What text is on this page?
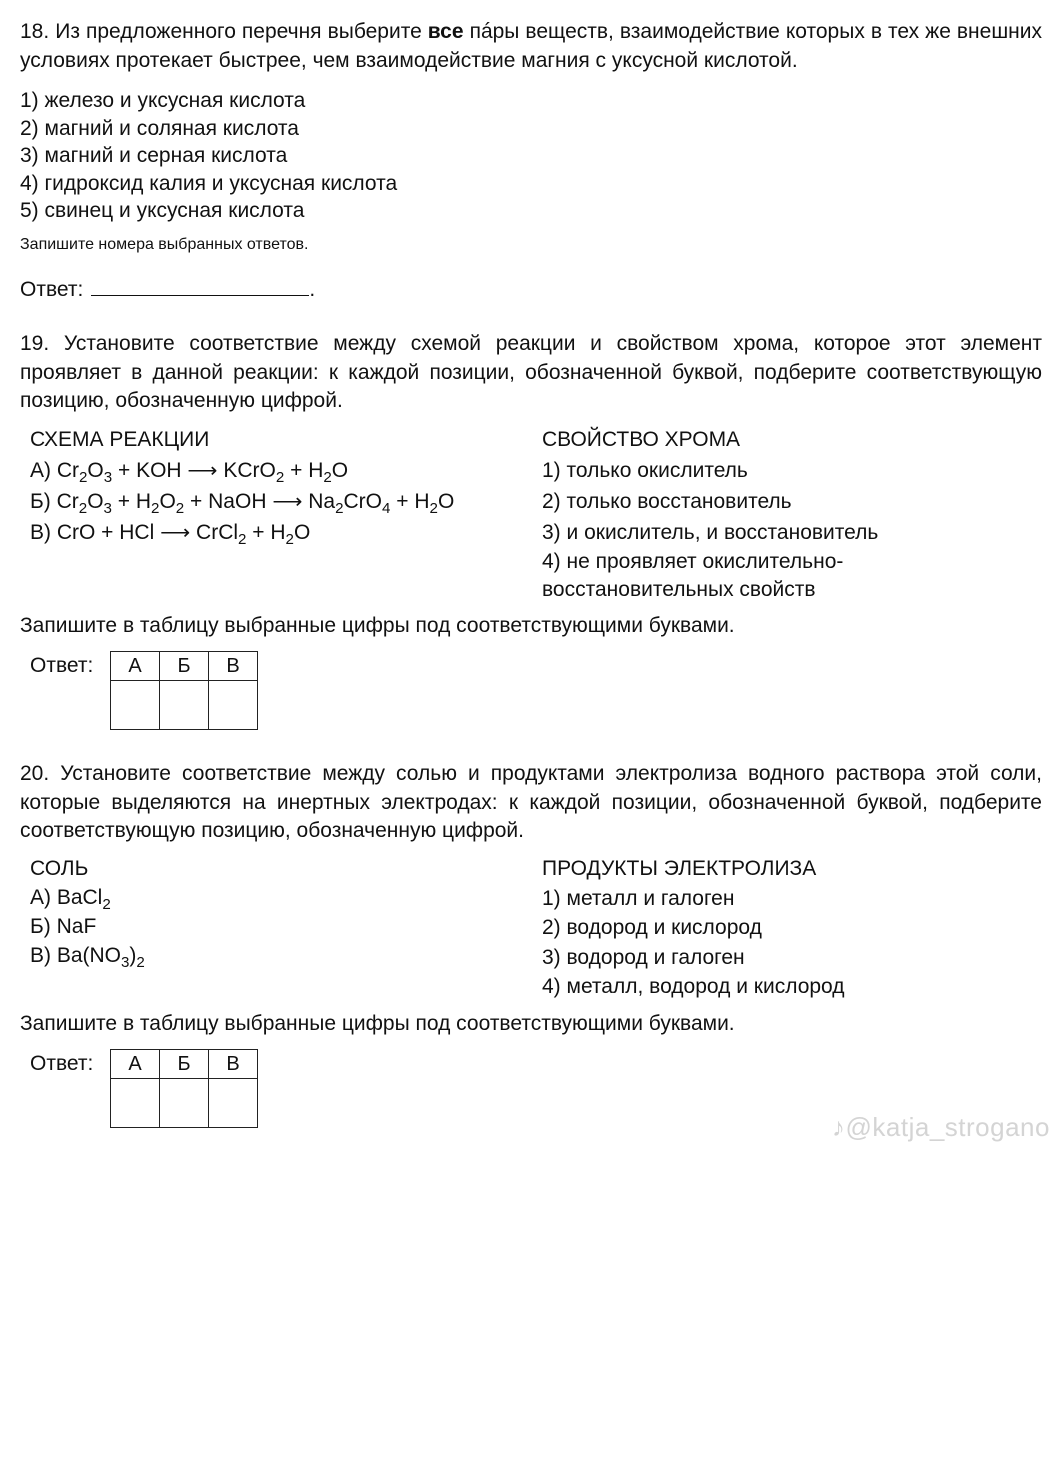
18. Из предложенного перечня выберите все пáры веществ, взаимодействие которых в тех же внешних условиях протекает быстрее, чем взаимодействие магния с уксусной кислотой.

1) железо и уксусная кислота
2) магний и соляная кислота
3) магний и серная кислота
4) гидроксид калия и уксусная кислота
5) свинец и уксусная кислота
Запишите номера выбранных ответов.
Ответ:	.

19. Установите соответствие между схемой реакции и свойством хрома, которое этот элемент проявляет в данной реакции: к каждой позиции, обозначенной буквой, подберите соответствующую позицию, обозначенную цифрой.

СХЕМА РЕАКЦИИ
А) $Cr_2O_3$ + KOH ⟶ KCrO$_2$ + $H_2O$
Б) $Cr_2O_3 + H_2O_2$ + NaOH ⟶ $Na_2CrO_4 + H_2O$
В) CrO + HCl ⟶ CrCl$_2$ + $H_2O$
СВОЙСТВО ХРОМА
1) только окислитель
2) только восстановитель
3) и окислитель, и восстановитель
4) не проявляет окислительно-восстановительных свойств
Запишите в таблицу выбранные цифры под соответствующими буквами.
Ответ: А	Б	В

20. Установите соответствие между солью и продуктами электролиза водного раствора этой соли, которые выделяются на инертных электродах: к каждой позиции, обозначенной буквой, подберите соответствующую позицию, обозначенную цифрой.

СОЛЬ
А) BaCl$_2$
Б) NaF
В) $Ba(NO_3)_2$
ПРОДУКТЫ ЭЛЕКТРОЛИЗА
1) металл и галоген
2) водород и кислород
3) водород и галоген
4) металл, водород и кислород
Запишите в таблицу выбранные цифры под соответствующими буквами.
Ответ: А	Б	В

♪@katja_strogano
